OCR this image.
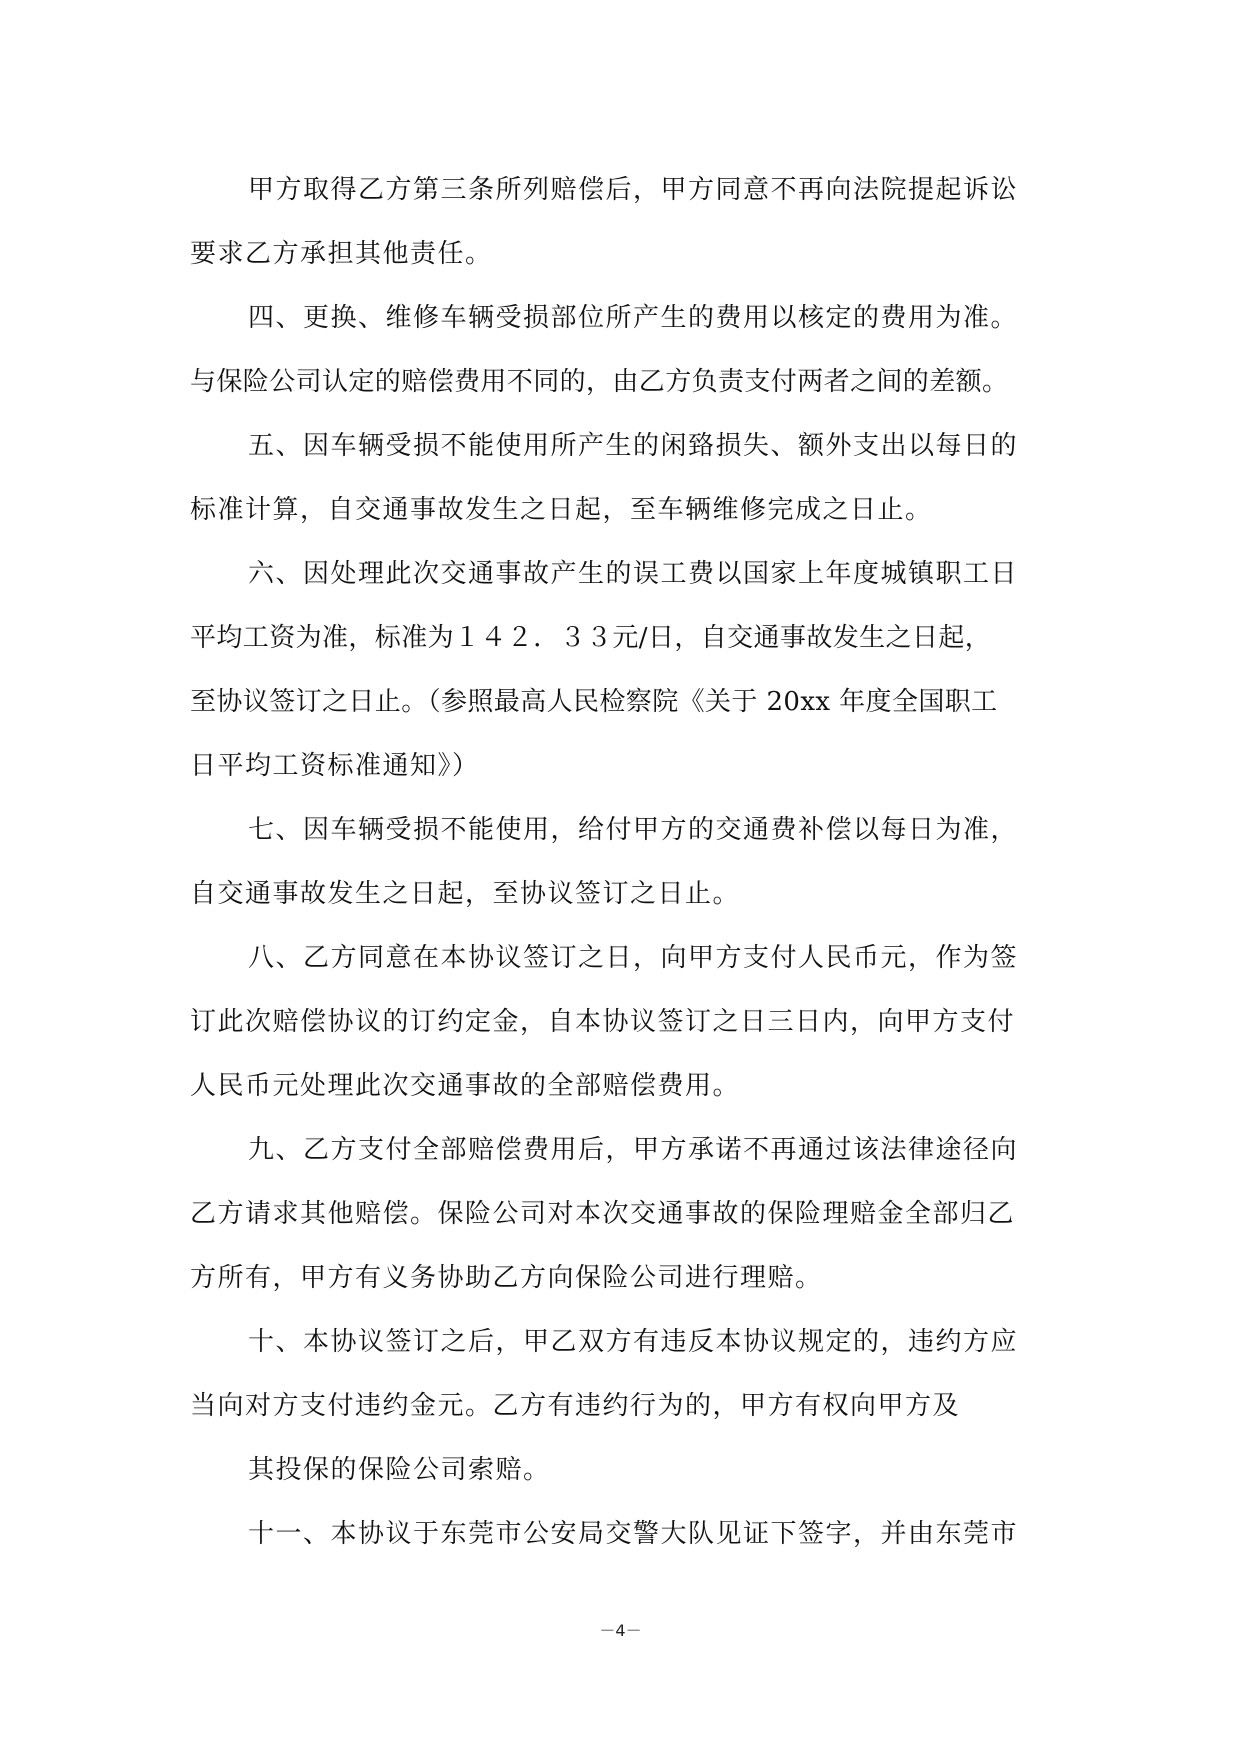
甲方取得乙方第三条所列赔偿后，甲方同意不再向法院提起诉讼
要求乙方承担其他责任。
四、更换、维修车辆受损部位所产生的费用以核定的费用为准。
与保险公司认定的赔偿费用不同的，由乙方负责支付两者之间的差额。
五、因车辆受损不能使用所产生的闲臵损失、额外支出以每日的
标准计算，自交通事故发生之日起，至车辆维修完成之日止。
六、因处理此次交通事故产生的误工费以国家上年度城镇职工日
平均工资为准，标准为１４２．３３元/日，自交通事故发生之日起，
至协议签订之日止。（参照最高人民检察院《关于 20xx 年度全国职工
日平均工资标准通知》）
七、因车辆受损不能使用，给付甲方的交通费补偿以每日为准，
自交通事故发生之日起，至协议签订之日止。
八、乙方同意在本协议签订之日，向甲方支付人民币元，作为签
订此次赔偿协议的订约定金，自本协议签订之日三日内，向甲方支付
人民币元处理此次交通事故的全部赔偿费用。
九、乙方支付全部赔偿费用后，甲方承诺不再通过该法律途径向
乙方请求其他赔偿。保险公司对本次交通事故的保险理赔金全部归乙
方所有，甲方有义务协助乙方向保险公司进行理赔。
十、本协议签订之后，甲乙双方有违反本协议规定的，违约方应
当向对方支付违约金元。乙方有违约行为的，甲方有权向甲方及
其投保的保险公司索赔。
十一、本协议于东莞市公安局交警大队见证下签字，并由东莞市
－4－
